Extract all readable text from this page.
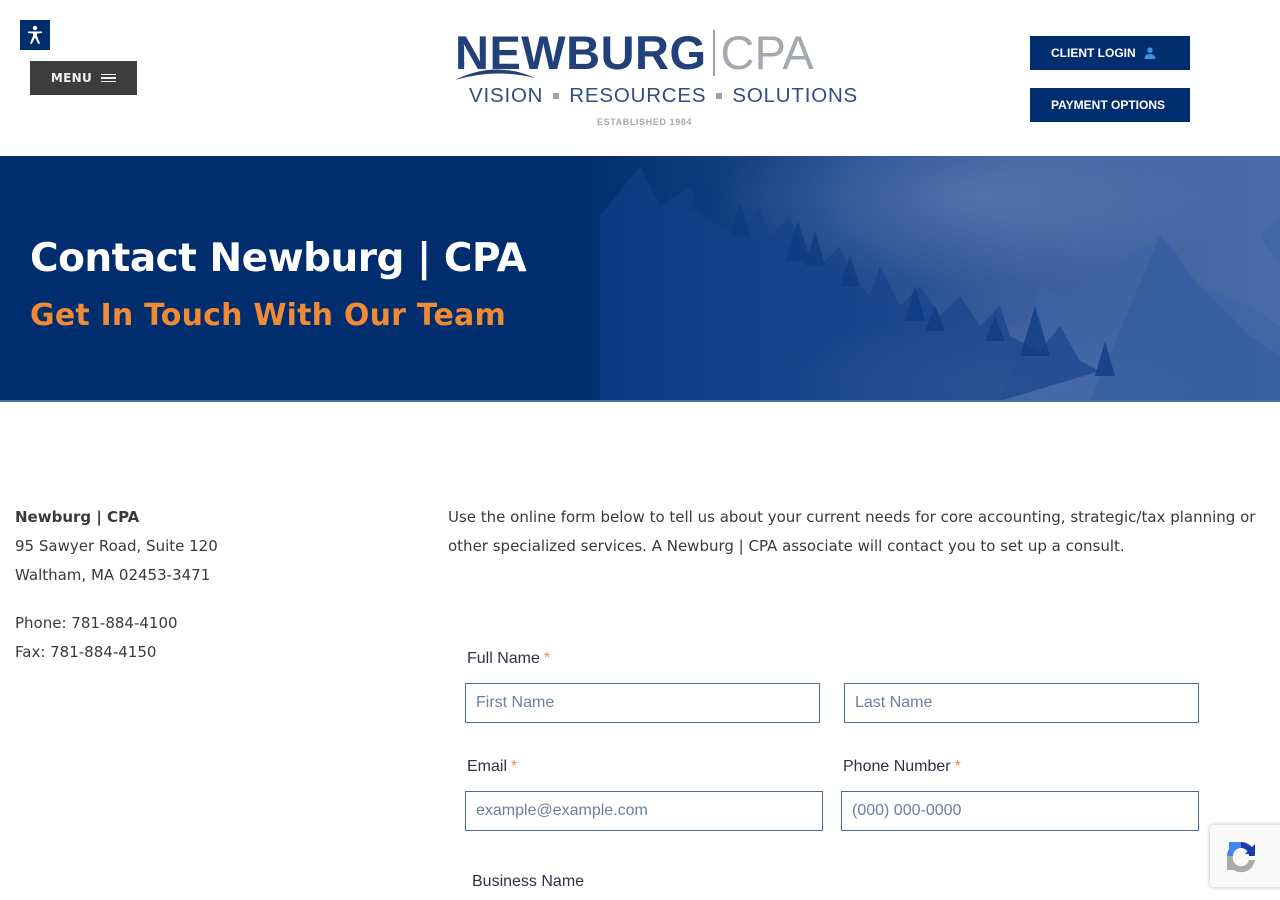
MENU	NEWBURG CPA
VISION RESOURCES SOLUTIONS
ESTABLISHED 1984
CLIENT LOGIN
PAYMENT OPTIONS
Contact Newburg | CPA
Get In Touch With Our Team
Newburg | CPA
95 Sawyer Road, Suite 120
Waltham, MA 02453-3471
Phone: 781-884-4100
Fax: 781-884-4150

Use the online form below to tell us about your current needs for core accounting, strategic/tax planning or other specialized services. A Newburg | CPA associate will contact you to set up a consult.

Full Name *
First Name
Last Name
Email *
example@example.com	Phone Number *
(000) 000-0000
Business Name
